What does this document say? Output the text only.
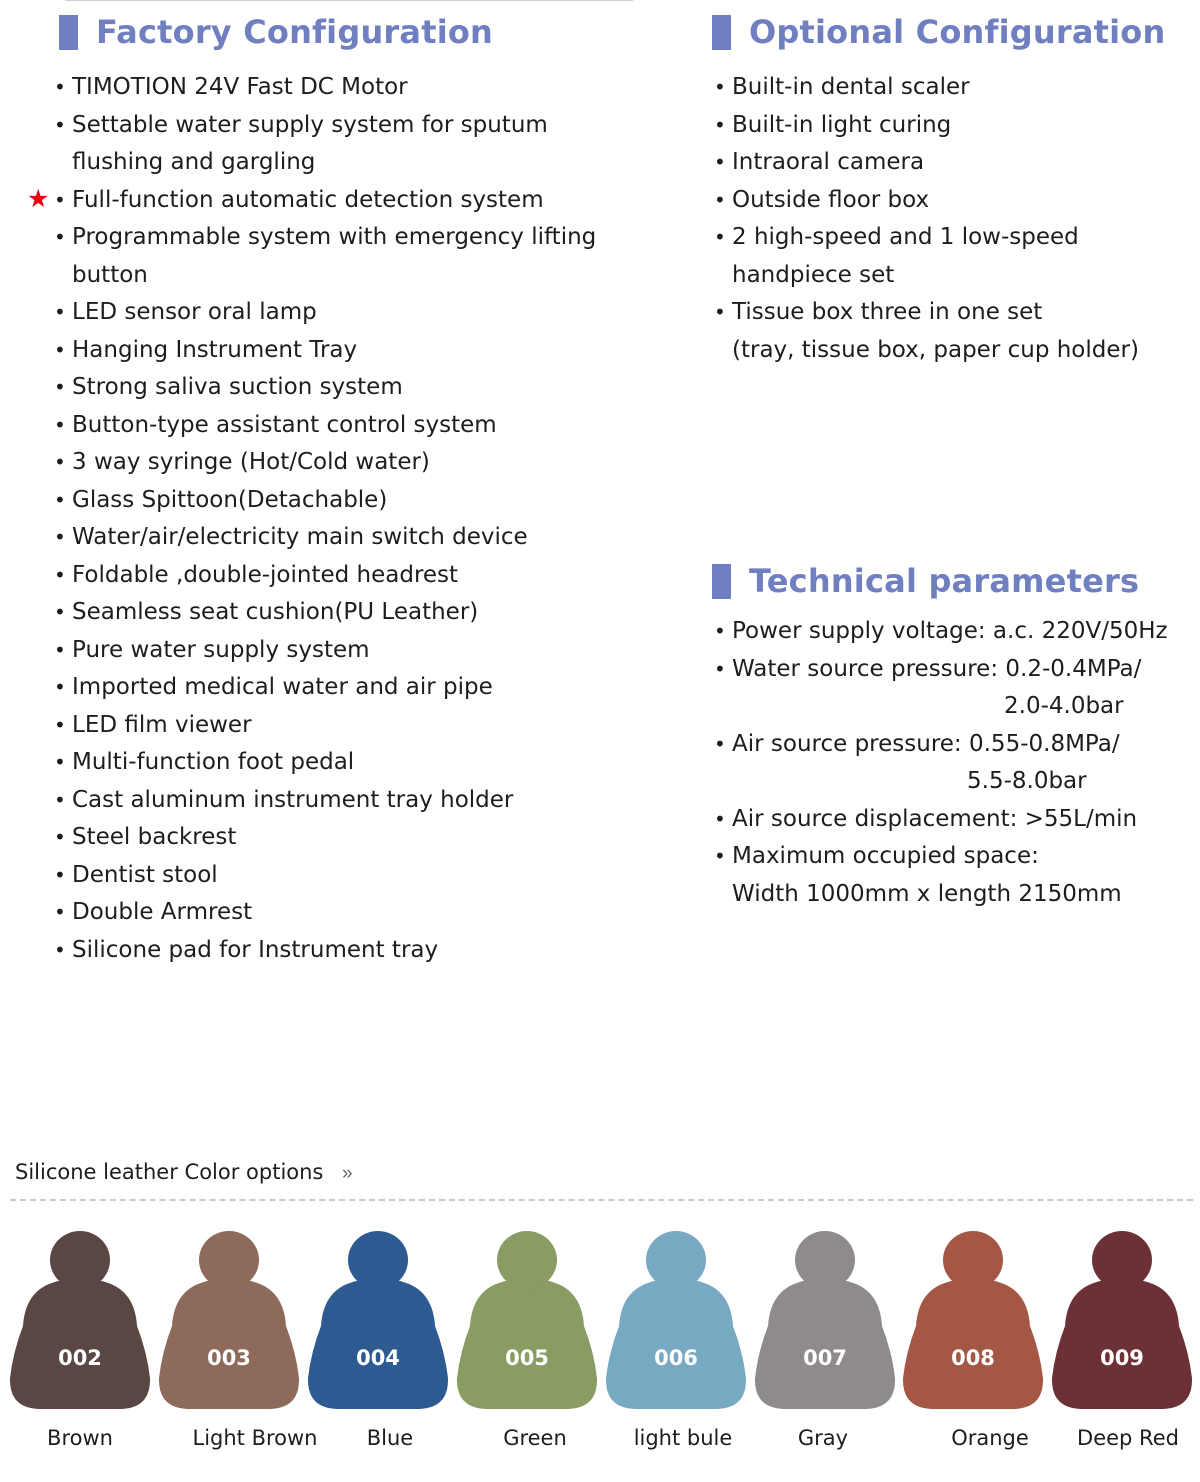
Factory Configuration
• TIMOTION 24V Fast DC Motor
• Settable water supply system for sputum
flushing and gargling
• Full-function automatic detection system
• Programmable system with emergency lifting
button
• LED sensor oral lamp
• Hanging Instrument Tray
• Strong saliva suction system
• Button-type assistant control system
• 3 way syringe (Hot/Cold water)
• Glass Spittoon(Detachable)
• Water/air/electricity main switch device
• Foldable ,double-jointed headrest
• Seamless seat cushion(PU Leather)
• Pure water supply system
• Imported medical water and air pipe
• LED film viewer
• Multi-function foot pedal
• Cast aluminum instrument tray holder
• Steel backrest
• Dentist stool
• Double Armrest
• Silicone pad for Instrument tray
★
Optional Configuration
• Built-in dental scaler
• Built-in light curing
• Intraoral camera
• Outside floor box
• 2 high-speed and 1 low-speed
handpiece set
• Tissue box three in one set
(tray, tissue box, paper cup holder)
Technical parameters
• Power supply voltage: a.c. 220V/50Hz
• Water source pressure: 0.2-0.4MPa/
2.0-4.0bar
• Air source pressure: 0.55-0.8MPa/
5.5-8.0bar
• Air source displacement: >55L/min
• Maximum occupied space:
Width 1000mm x length 2150mm
Silicone leather Color options »
002
Brown
003
Light Brown
004
Blue
005
Green
006
light bule
007
Gray
008
Orange
009
Deep Red
